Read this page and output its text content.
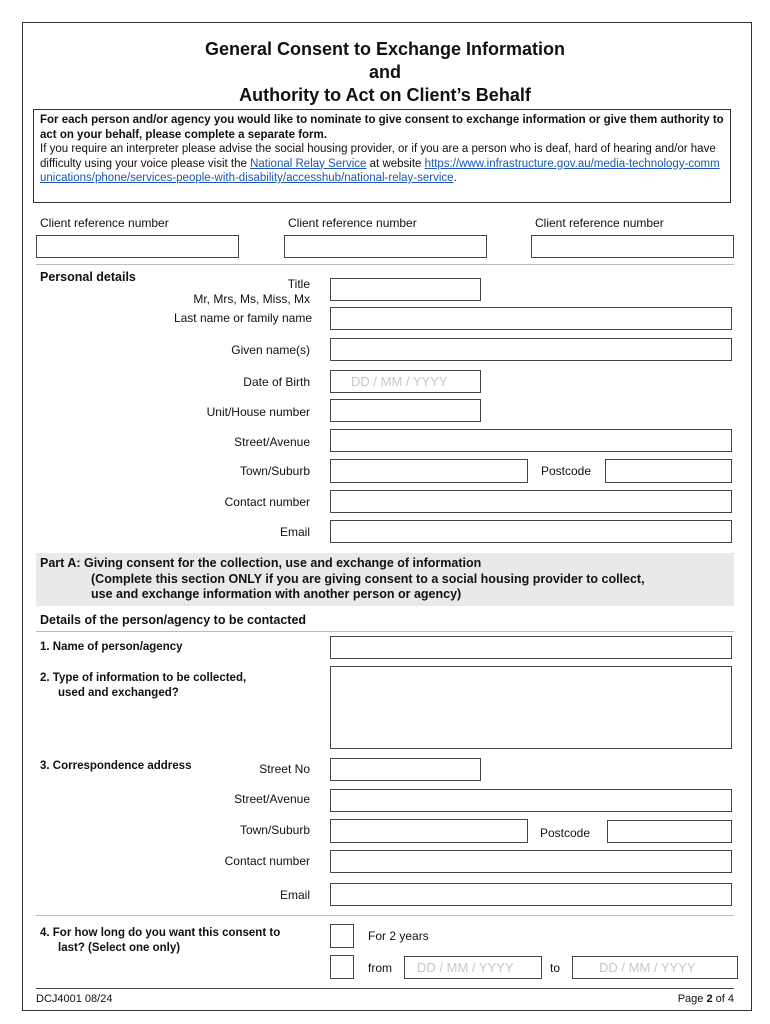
General Consent to Exchange Information
and
Authority to Act on Client’s Behalf
For each person and/or agency you would like to nominate to give consent to exchange information or give them authority to act on your behalf, please complete a separate form.
If you require an interpreter please advise the social housing provider, or if you are a person who is deaf, hard of hearing and/or have difficulty using your voice please visit the National Relay Service at website https://www.infrastructure.gov.au/media-technology-communications/phone/services-people-with-disability/accesshub/national-relay-service.
Client reference number	Client reference number	Client reference number
Personal details	Title
Mr, Mrs, Ms, Miss, Mx
Last name or family name
Given name(s)
Date of Birth	DD / MM / YYYY
Unit/House number
Street/Avenue
Town/Suburb	Postcode
Contact number
Email
Part A: Giving consent for the collection, use and exchange of information
(Complete this section ONLY if you are giving consent to a social housing provider to collect,
use and exchange information with another person or agency)
Details of the person/agency to be contacted
1. Name of person/agency
2. Type of information to be collected,
used and exchanged?
3. Correspondence address	Street No
Street/Avenue
Town/Suburb	Postcode
Contact number
Email
4. For how long do you want this consent to
last? (Select one only)
For 2 years
from	DD / MM / YYYY	to	DD / MM / YYYY
DCJ4001 08/24	Page 2 of 4
